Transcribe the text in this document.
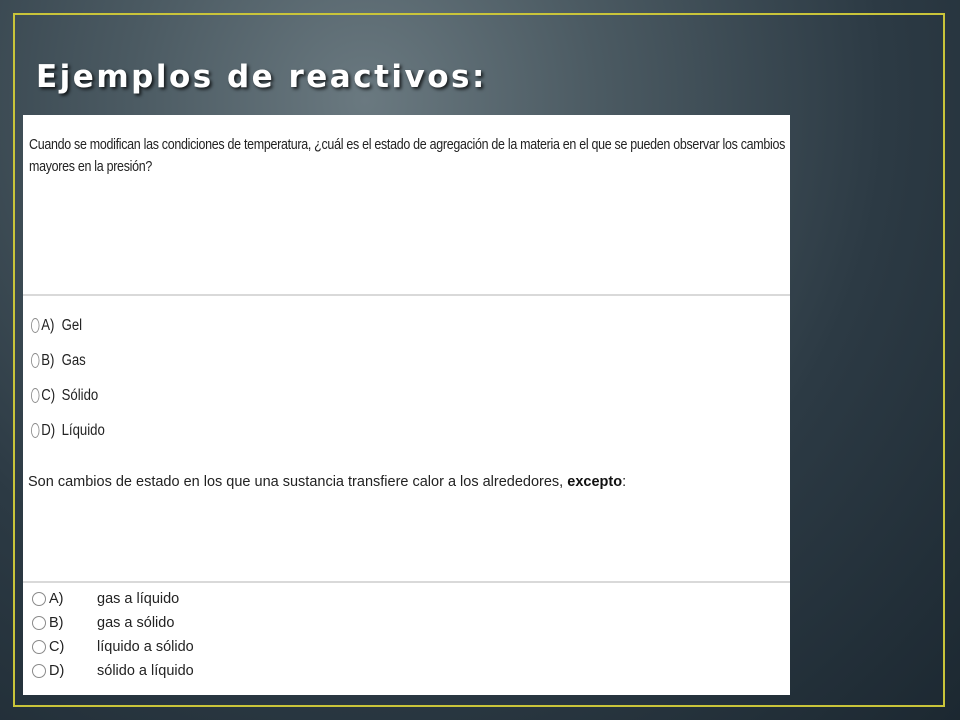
Ejemplos de reactivos:
Cuando se modifican las condiciones de temperatura, ¿cuál es el estado de agregación de la materia en el que se pueden observar los cambios mayores en la presión?
A) Gel
B) Gas
C) Sólido
D) Líquido
Son cambios de estado en los que una sustancia transfiere calor a los alrededores, excepto:
A)	gas a líquido
B)	gas a sólido
C)	líquido a sólido
D)	sólido a líquido
